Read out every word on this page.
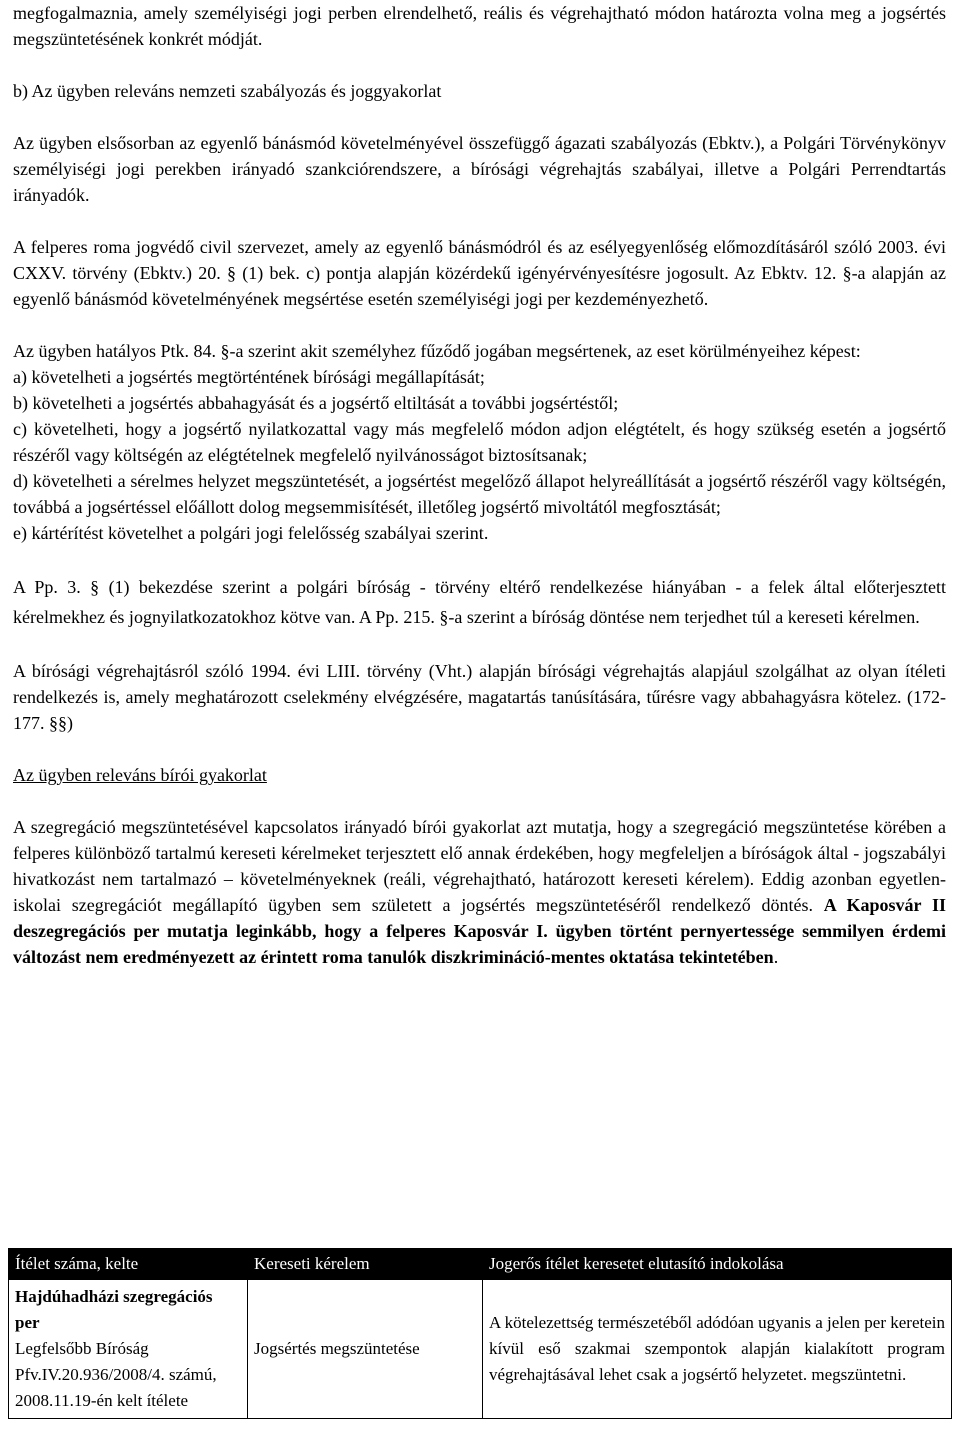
megfogalmaznia, amely személyiségi jogi perben elrendelhető, reális és végrehajtható módon határozta volna meg a jogsértés megszüntetésének konkrét módját.

b) Az ügyben releváns nemzeti szabályozás és joggyakorlat

Az ügyben elsősorban az egyenlő bánásmód követelményével összefüggő ágazati szabályozás (Ebktv.), a Polgári Törvénykönyv személyiségi jogi perekben irányadó szankciórendszere, a bírósági végrehajtás szabályai, illetve a Polgári Perrendtartás irányadók.

A felperes roma jogvédő civil szervezet, amely az egyenlő bánásmódról és az esélyegyenlőség előmozdításáról szóló 2003. évi CXXV. törvény (Ebktv.) 20. § (1) bek. c) pontja alapján közérdekű igényérvényesítésre jogosult. Az Ebktv. 12. §-a alapján az egyenlő bánásmód követelményének megsértése esetén személyiségi jogi per kezdeményezhető.

Az ügyben hatályos Ptk. 84. §-a szerint akit személyhez fűződő jogában megsértenek, az eset körülményeihez képest:

a) követelheti a jogsértés megtörténtének bírósági megállapítását;

b) követelheti a jogsértés abbahagyását és a jogsértő eltiltását a további jogsértéstől;

c) követelheti, hogy a jogsértő nyilatkozattal vagy más megfelelő módon adjon elégtételt, és hogy szükség esetén a jogsértő részéről vagy költségén az elégtételnek megfelelő nyilvánosságot biztosítsanak;

d) követelheti a sérelmes helyzet megszüntetését, a jogsértést megelőző állapot helyreállítását a jogsértő részéről vagy költségén, továbbá a jogsértéssel előállott dolog megsemmisítését, illetőleg jogsértő mivoltától megfosztását;

e) kártérítést követelhet a polgári jogi felelősség szabályai szerint.

A Pp. 3. § (1) bekezdése szerint a polgári bíróság - törvény eltérő rendelkezése hiányában - a felek által előterjesztett kérelmekhez és jognyilatkozatokhoz kötve van. A Pp. 215. §-a szerint a bíróság döntése nem terjedhet túl a kereseti kérelmen.

A bírósági végrehajtásról szóló 1994. évi LIII. törvény (Vht.) alapján bírósági végrehajtás alapjául szolgálhat az olyan ítéleti rendelkezés is, amely meghatározott cselekmény elvégzésére, magatartás tanúsítására, tűrésre vagy abbahagyásra kötelez. (172-177. §§)

Az ügyben releváns bírói gyakorlat

A szegregáció megszüntetésével kapcsolatos irányadó bírói gyakorlat azt mutatja, hogy a szegregáció megszüntetése körében a felperes különböző tartalmú kereseti kérelmeket terjesztett elő annak érdekében, hogy megfeleljen a bíróságok által - jogszabályi hivatkozást nem tartalmazó – követelményeknek (reáli, végrehajtható, határozott kereseti kérelem). Eddig azonban egyetlen- iskolai szegregációt megállapító ügyben sem született a jogsértés megszüntetéséről rendelkező döntés. A Kaposvár II deszegregációs per mutatja leginkább, hogy a felperes Kaposvár I. ügyben történt pernyertessége semmilyen érdemi változást nem eredményezett az érintett roma tanulók diszkrimináció-mentes oktatása tekintetében.

Ítélet száma, kelte	Kereseti kérelem	Jogerős ítélet keresetet elutasító indokolása
Hajdúhadházi szegregációs per
Legfelsőbb Bíróság Pfv.IV.20.936/2008/4. számú, 2008.11.19-én kelt ítélete	Jogsértés megszüntetése	A kötelezettség természetéből adódóan ugyanis a jelen per keretein kívül eső szakmai szempontok alapján kialakított program végrehajtásával lehet csak a jogsértő helyzetet. megszüntetni.
